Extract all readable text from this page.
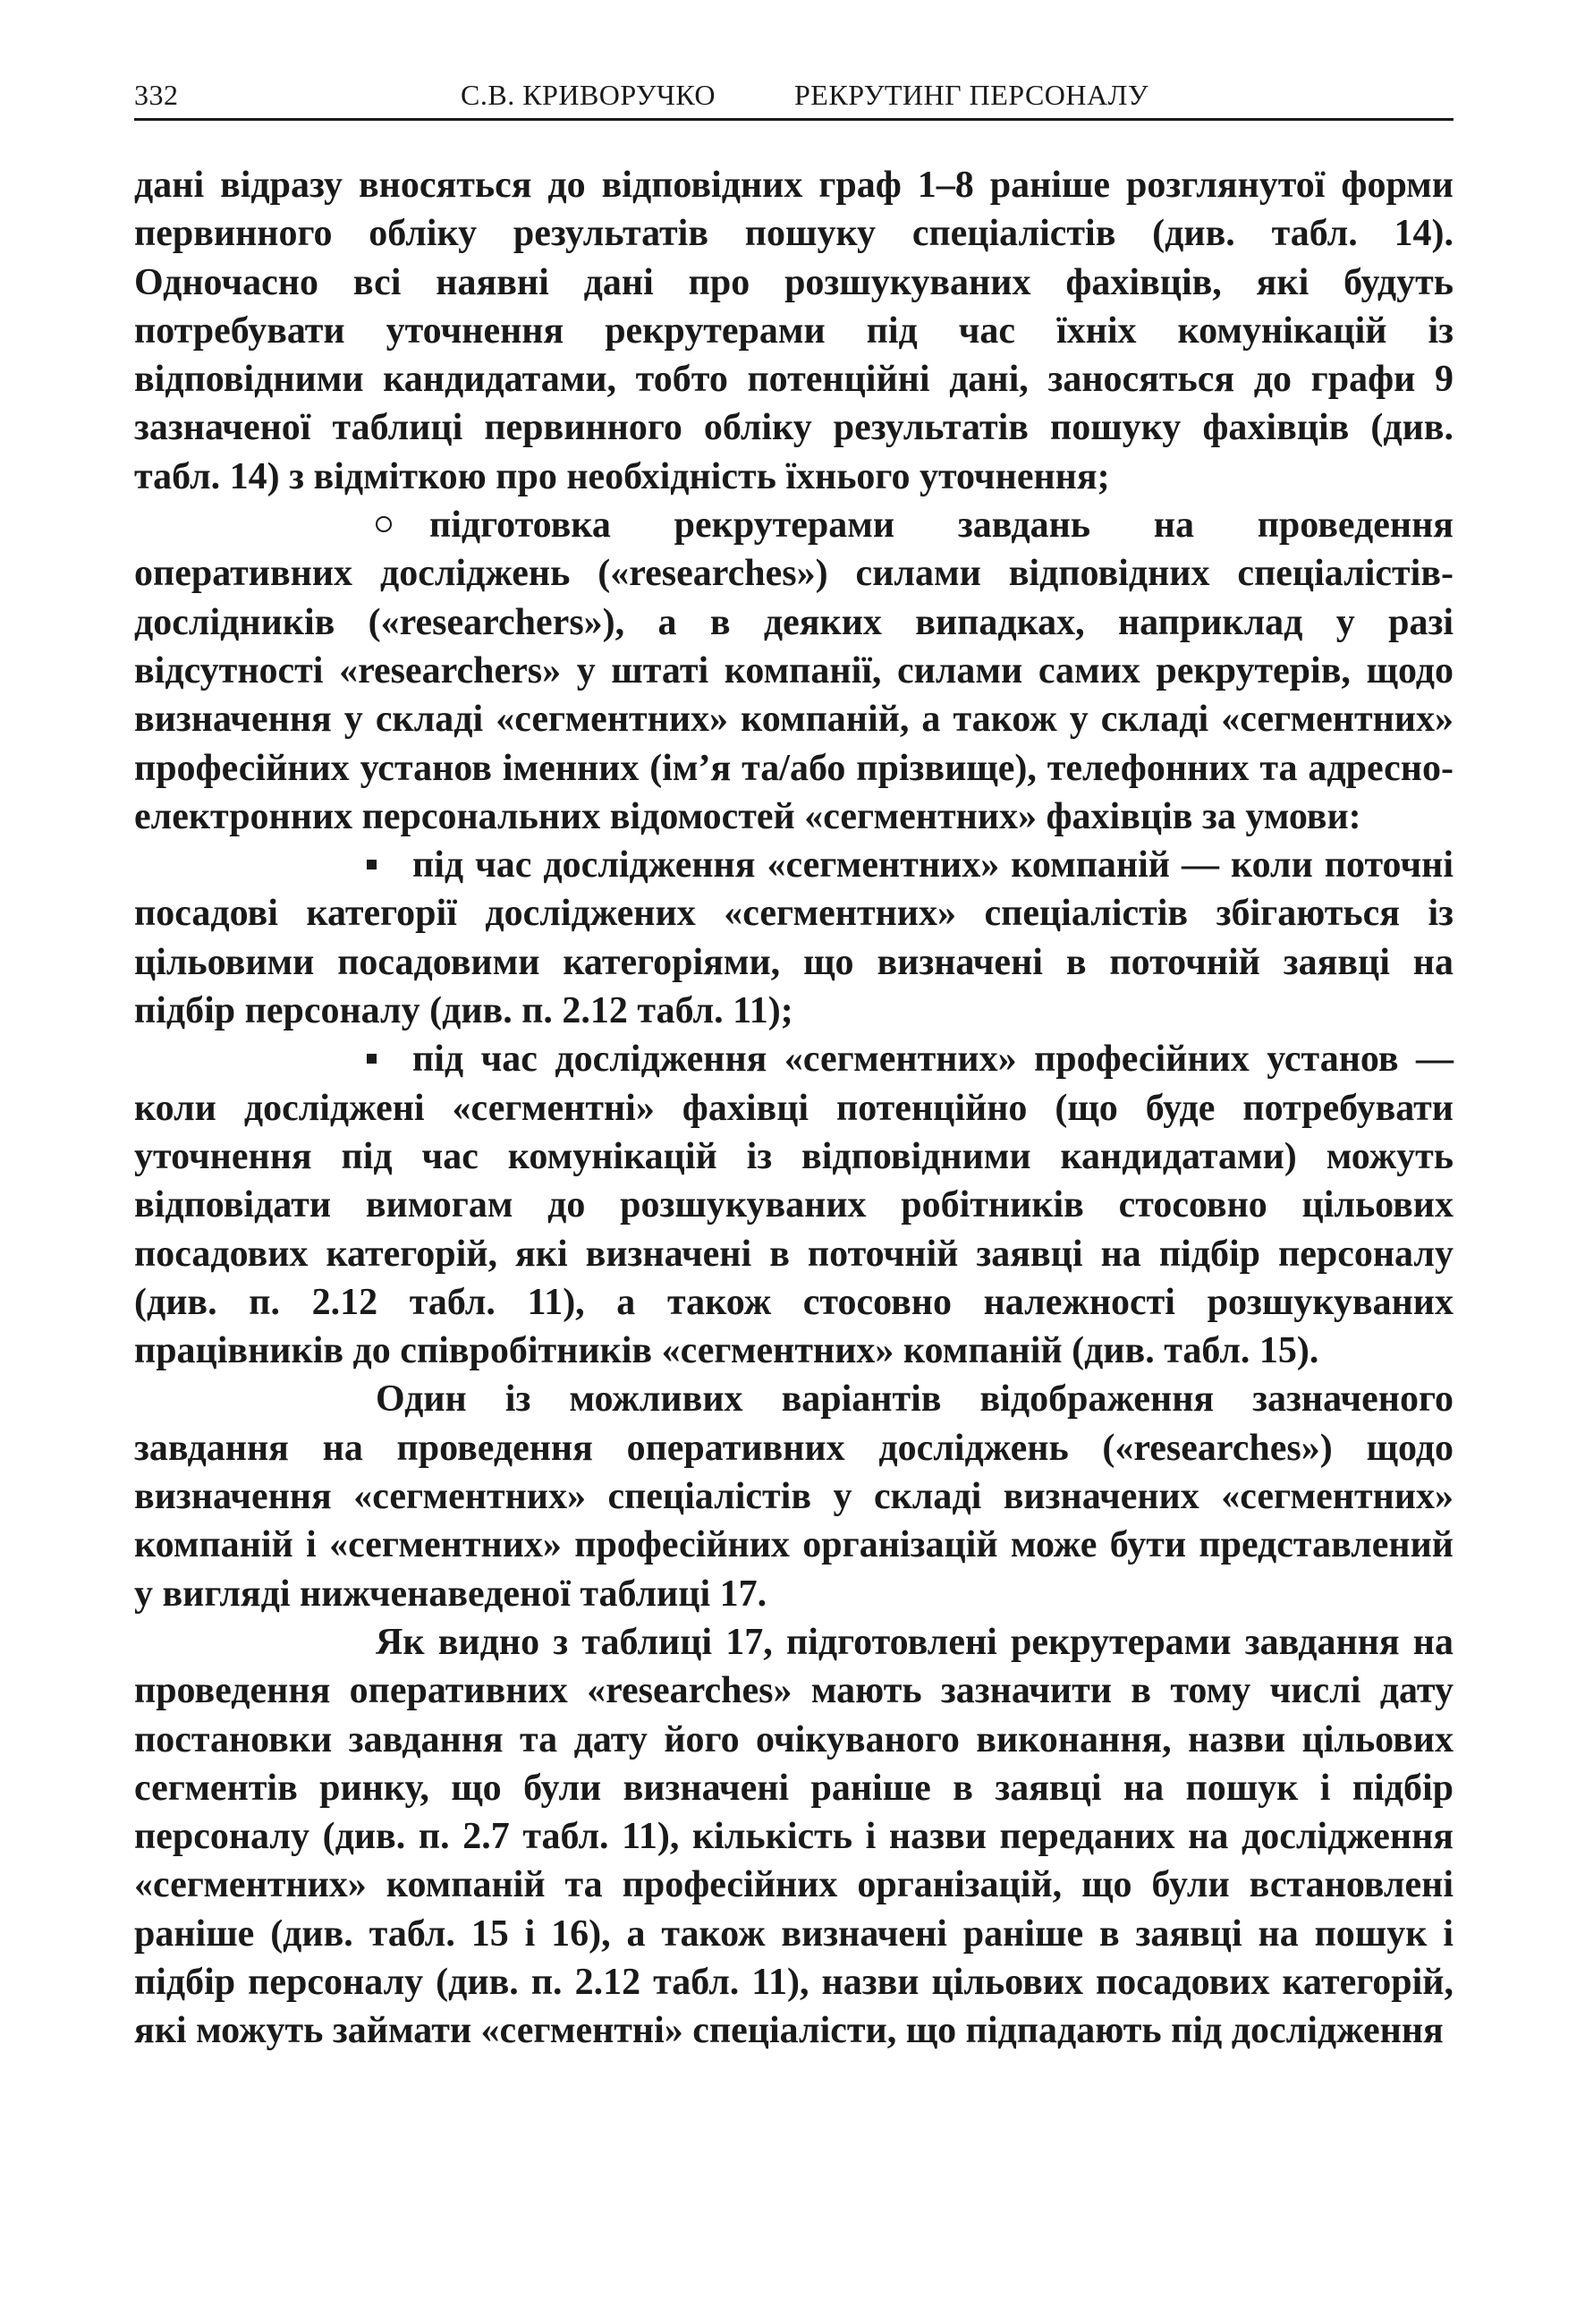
332	С.В. КРИВОРУЧКО	РЕКРУТИНГ ПЕРСОНАЛУ

дані відразу вносяться до відповідних граф 1–8 раніше розглянутої форми первинного обліку результатів пошуку спеціалістів (див. табл. 14). Одночасно всі наявні дані про розшукуваних фахівців, які будуть потребувати уточнення рекрутерами під час їхніх комунікацій із відповідними кандидатами, тобто потенційні дані, заносяться до графи 9 зазначеної таблиці первинного обліку результатів пошуку фахівців (див. табл. 14) з відміткою про необхідність їхнього уточнення;

підготовка рекрутерами завдань на проведення оперативних досліджень («researches») силами відповідних спеціалістів-дослідників («researchers»), а в деяких випадках, наприклад у разі відсутності «researchers» у штаті компанії, силами самих рекрутерів, щодо визначення у складі «сегментних» компаній, а також у складі «сегментних» професійних установ іменних (ім’я та/або прізвище), телефонних та адресно-електронних персональних відомостей «сегментних» фахівців за умови:

під час дослідження «сегментних» компаній — коли поточні посадові категорії досліджених «сегментних» спеціалістів збігаються із цільовими посадовими категоріями, що визначені в поточній заявці на підбір персоналу (див. п. 2.12 табл. 11);

під час дослідження «сегментних» професійних установ — коли досліджені «сегментні» фахівці потенційно (що буде потребувати уточнення під час комунікацій із відповідними кандидатами) можуть відповідати вимогам до розшукуваних робітників стосовно цільових посадових категорій, які визначені в поточній заявці на підбір персоналу (див. п. 2.12 табл. 11), а також стосовно належності розшукуваних працівників до співробітників «сегментних» компаній (див. табл. 15).

Один із можливих варіантів відображення зазначеного завдання на проведення оперативних досліджень («researches») щодо визначення «сегментних» спеціалістів у складі визначених «сегментних» компаній і «сегментних» професійних організацій може бути представлений у вигляді нижченаведеної таблиці 17.

Як видно з таблиці 17, підготовлені рекрутерами завдання на проведення оперативних «researches» мають зазначити в тому числі дату постановки завдання та дату його очікуваного виконання, назви цільових сегментів ринку, що були визначені раніше в заявці на пошук і підбір персоналу (див. п. 2.7 табл. 11), кількість і назви переданих на дослідження «сегментних» компаній та професійних організацій, що були встановлені раніше (див. табл. 15 і 16), а також визначені раніше в заявці на пошук і підбір персоналу (див. п. 2.12 табл. 11), назви цільових посадових категорій, які можуть займати «сегментні» спеціалісти, що підпадають під дослідження
